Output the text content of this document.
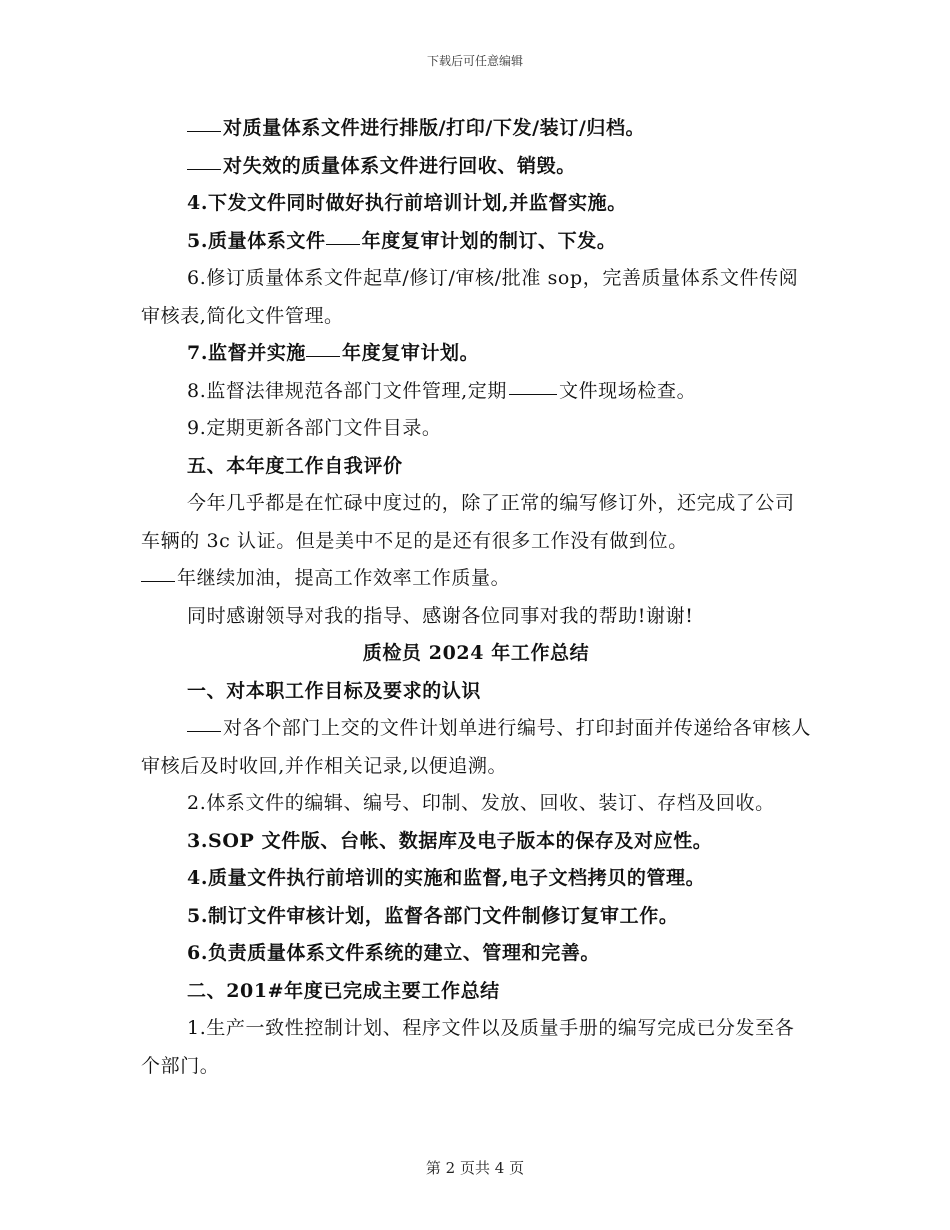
下载后可任意编辑

对质量体系文件进行排版/打印/下发/装订/归档。

对失效的质量体系文件进行回收、销毁。

4.下发文件同时做好执行前培训计划,并监督实施。

5.质量体系文件 年度复审计划的制订、下发。

6.修订质量体系文件起草/修订/审核/批准 sop，完善质量体系文件传阅审核表,简化文件管理。

7.监督并实施 年度复审计划。

8.监督法律规范各部门文件管理,定期	文件现场检查。

9.定期更新各部门文件目录。

五、本年度工作自我评价

今年几乎都是在忙碌中度过的，除了正常的编写修订外，还完成了公司车辆的 3c 认证。但是美中不足的是还有很多工作没有做到位。

年继续加油，提高工作效率工作质量。

同时感谢领导对我的指导、感谢各位同事对我的帮助!谢谢!

质检员 2024 年工作总结

一、对本职工作目标及要求的认识

对各个部门上交的文件计划单进行编号、打印封面并传递给各审核人审核后及时收回,并作相关记录,以便追溯。

2.体系文件的编辑、编号、印制、发放、回收、装订、存档及回收。

3.SOP 文件版、台帐、数据库及电子版本的保存及对应性。

4.质量文件执行前培训的实施和监督,电子文档拷贝的管理。

5.制订文件审核计划，监督各部门文件制修订复审工作。

6.负责质量体系文件系统的建立、管理和完善。

二、201#年度已完成主要工作总结

1.生产一致性控制计划、程序文件以及质量手册的编写完成已分发至各个部门。

第 2 页共 4 页
